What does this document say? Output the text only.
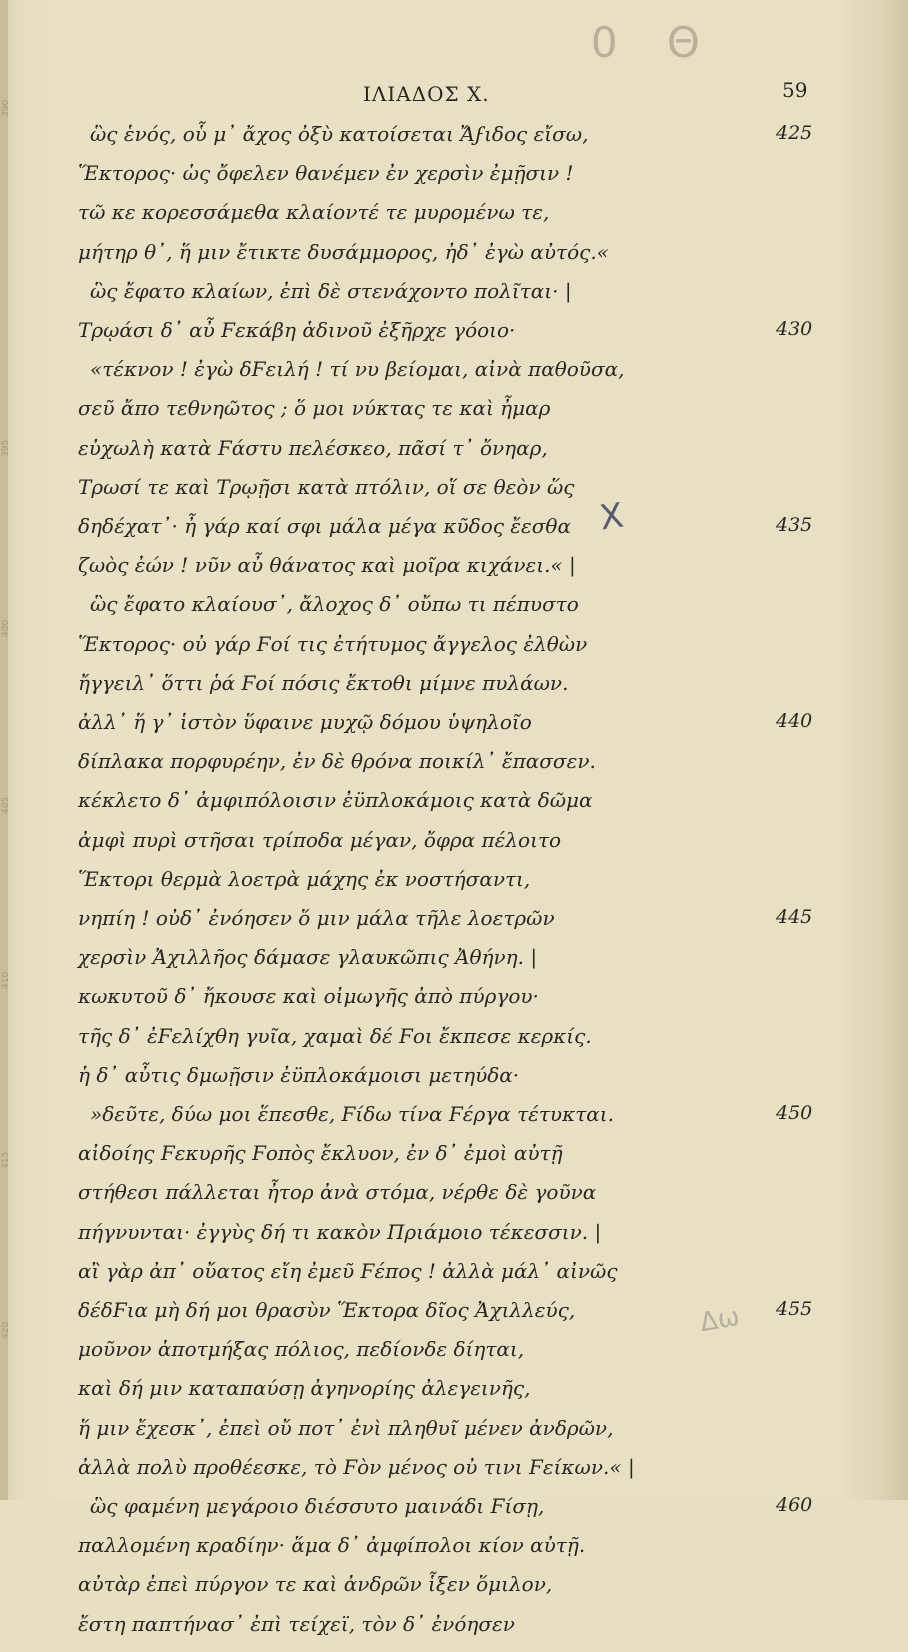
0 Θ
ΙΛΙΑΔΟΣ Χ.	59
ὣς ἑνός, οὗ μ᾽ ἄχος ὀξὺ κατοίσεται Ἄϝιδος εἴσω,	425
Ἕκτορος· ὡς ὄφελεν θανέμεν ἐν χερσὶν ἐμῇσιν !
τῶ κε κορεσσάμεθα κλαίοντέ τε μυρομένω τε,
μήτηρ θ᾽, ἥ μιν ἔτικτε δυσάμμορος, ἠδ᾽ ἐγὼ αὐτός.«
ὣς ἔφατο κλαίων, ἐπὶ δὲ στενάχοντο πολῖται· |
Τρῳάσι δ᾽ αὖ Ϝεκάβη ἁδινοῦ ἐξῆρχε γόοιο·	430
«τέκνον ! ἐγὼ δϜειλή ! τί νυ βείομαι, αἰνὰ παθοῦσα,
σεῦ ἄπο τεθνηῶτος ; ὅ μοι νύκτας τε καὶ ἦμαρ
εὐχωλὴ κατὰ Ϝάστυ πελέσκεο, πᾶσί τ᾽ ὄνηαρ,
Τρωσί τε καὶ Τρῳῇσι κατὰ πτόλιν, οἵ σε θεὸν ὥς
δηδέχατ᾽· ἦ γάρ καί σφι μάλα μέγα κῦδος ἔεσθα	435
ζωὸς ἐών ! νῦν αὖ θάνατος καὶ μοῖρα κιχάνει.« |
ὣς ἔφατο κλαίουσ᾽, ἄλοχος δ᾽ οὔπω τι πέπυστο
Ἕκτορος· οὐ γάρ Ϝοί τις ἐτήτυμος ἄγγελος ἐλθὼν
ἤγγειλ᾽ ὅττι ῥά Ϝοί πόσις ἔκτοθι μίμνε πυλάων.
ἀλλ᾽ ἥ γ᾽ ἱστὸν ὕφαινε μυχῷ δόμου ὑψηλοῖο	440
δίπλακα πορφυρέην, ἐν δὲ θρόνα ποικίλ᾽ ἔπασσεν.
κέκλετο δ᾽ ἀμφιπόλοισιν ἐϋπλοκάμοις κατὰ δῶμα
ἀμφὶ πυρὶ στῆσαι τρίποδα μέγαν, ὄφρα πέλοιτο
Ἕκτορι θερμὰ λοετρὰ μάχης ἐκ νοστήσαντι,
νηπίη ! οὐδ᾽ ἐνόησεν ὅ μιν μάλα τῆλε λοετρῶν	445
χερσὶν Ἀχιλλῆος δάμασε γλαυκῶπις Ἀθήνη. |
κωκυτοῦ δ᾽ ἤκουσε καὶ οἰμωγῆς ἀπὸ πύργου·
τῆς δ᾽ ἐϜελίχθη γυῖα, χαμαὶ δέ Ϝοι ἔκπεσε κερκίς.
ἡ δ᾽ αὖτις δμωῇσιν ἐϋπλοκάμοισι μετηύδα·
»δεῦτε, δύω μοι ἕπεσθε, Ϝίδω τίνα Ϝέργα τέτυκται.	450
αἰδοίης Ϝεκυρῆς Ϝοπὸς ἔκλυον, ἐν δ᾽ ἐμοὶ αὐτῇ
στήθεσι πάλλεται ἦτορ ἀνὰ στόμα, νέρθε δὲ γοῦνα
πήγνυνται· ἐγγὺς δή τι κακὸν Πριάμοιο τέκεσσιν. |
αἲ γὰρ ἀπ᾽ οὔατος εἴη ἐμεῦ Ϝέπος ! ἀλλὰ μάλ᾽ αἰνῶς
δέδϜια μὴ δή μοι θρασὺν Ἕκτορα δῖος Ἀχιλλεύς,	455
μοῦνον ἀποτμήξας πόλιος, πεδίονδε δίηται,
καὶ δή μιν καταπαύσῃ ἀγηνορίης ἀλεγεινῆς,
ἥ μιν ἔχεσκ᾽, ἐπεὶ οὔ ποτ᾽ ἐνὶ πληθυῖ μένεν ἀνδρῶν,
ἀλλὰ πολὺ προθέεσκε, τὸ Ϝὸν μένος οὐ τινι Ϝείκων.« |
ὣς φαμένη μεγάροιο διέσσυτο μαινάδι Ϝίσῃ,	460
παλλομένη κραδίην· ἅμα δ᾽ ἀμφίπολοι κίον αὐτῇ.
αὐτὰρ ἐπεὶ πύργον τε καὶ ἀνδρῶν ἷξεν ὅμιλον,
ἔστη παπτήνασ᾽ ἐπὶ τείχεϊ, τὸν δ᾽ ἐνόησεν
390
395
400
405
410
415
420
X
Δω
